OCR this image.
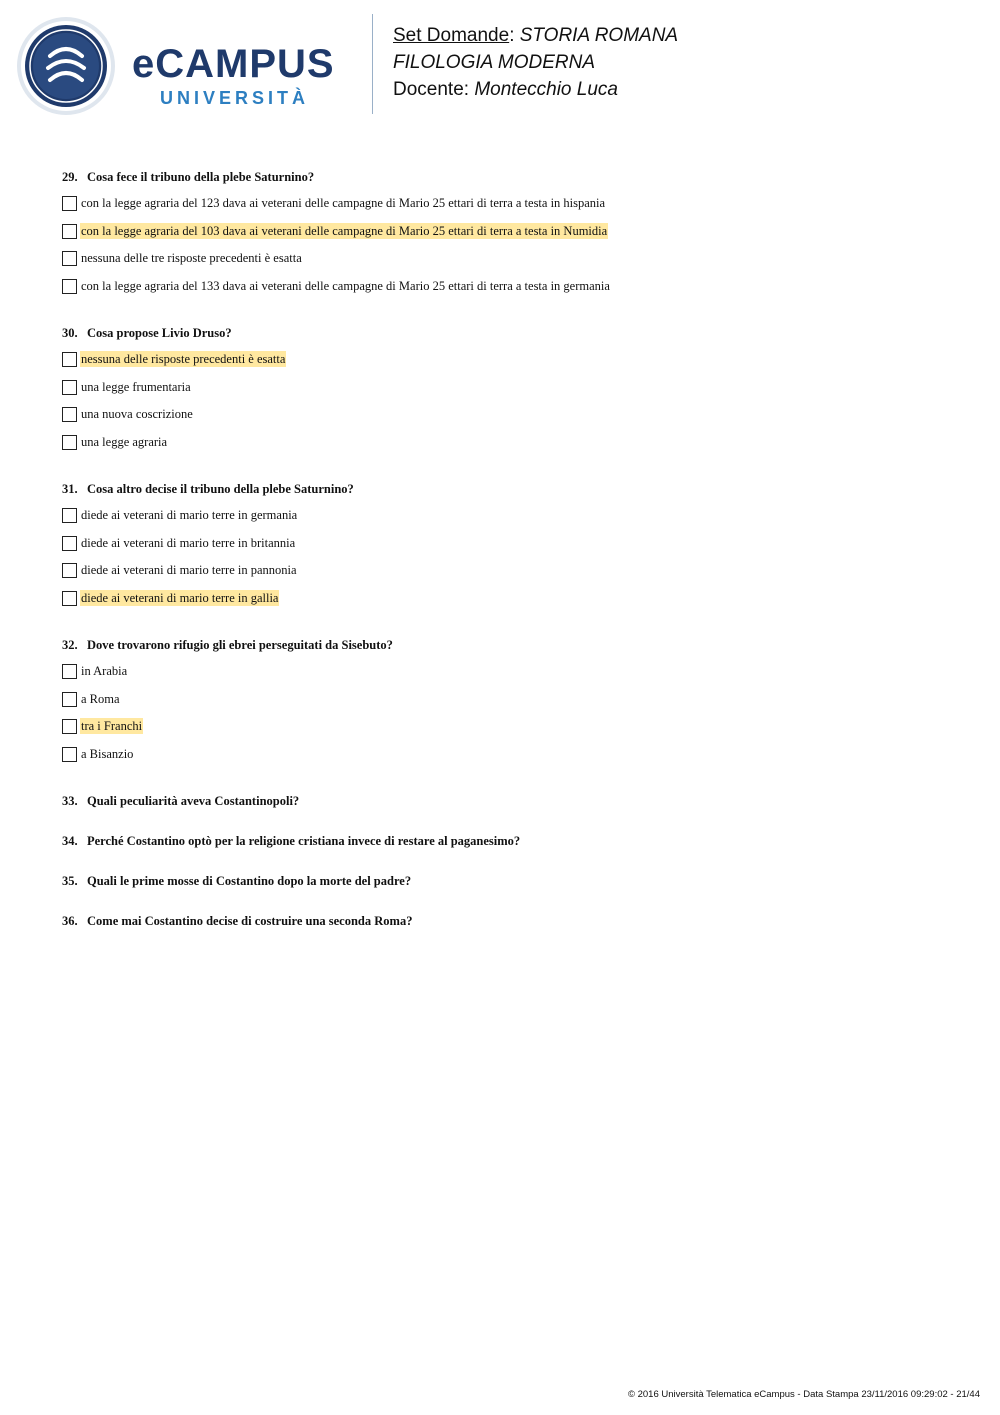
eCAMPUS
UNIVERSITÀ
Set Domande: STORIA ROMANA
FILOLOGIA MODERNA
Docente: Montecchio Luca
29. Cosa fece il tribuno della plebe Saturnino?
con la legge agraria del 123 dava ai veterani delle campagne di Mario 25 ettari di terra a testa in hispania
con la legge agraria del 103 dava ai veterani delle campagne di Mario 25 ettari di terra a testa in Numidia
nessuna delle tre risposte precedenti è esatta
con la legge agraria del 133 dava ai veterani delle campagne di Mario 25 ettari di terra a testa in germania
30. Cosa propose Livio Druso?
nessuna delle risposte precedenti è esatta
una legge frumentaria
una nuova coscrizione
una legge agraria
31. Cosa altro decise il tribuno della plebe Saturnino?
diede ai veterani di mario terre in germania
diede ai veterani di mario terre in britannia
diede ai veterani di mario terre in pannonia
diede ai veterani di mario terre in gallia
32. Dove trovarono rifugio gli ebrei perseguitati da Sisebuto?
in Arabia
a Roma
tra i Franchi
a Bisanzio
33. Quali peculiarità aveva Costantinopoli?
34. Perché Costantino optò per la religione cristiana invece di restare al paganesimo?
35. Quali le prime mosse di Costantino dopo la morte del padre?
36. Come mai Costantino decise di costruire una seconda Roma?
© 2016 Università Telematica eCampus - Data Stampa 23/11/2016 09:29:02 - 21/44
